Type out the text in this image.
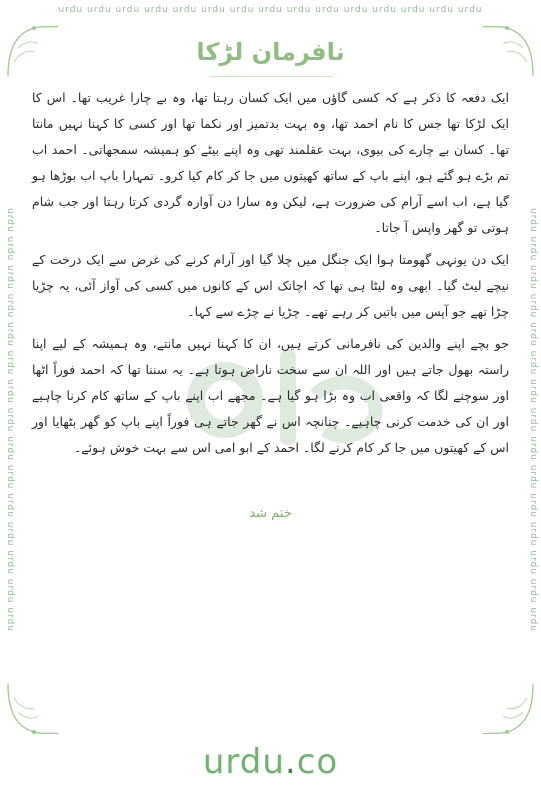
urdu urdu urdu urdu urdu urdu urdu urdu urdu urdu urdu urdu urdu urdu urdu
urdu urdu urdu urdu urdu urdu urdu urdu urdu urdu urdu urdu urdu urdu urdu	urdu urdu urdu urdu urdu urdu urdu urdu urdu urdu urdu urdu urdu urdu urdu
نافرمان لڑکا

ایک دفعہ کا ذکر ہے کہ کسی گاؤں میں ایک کسان رہتا تھا، وہ بے چارا غریب تھا۔ اس کا ایک لڑکا تھا جس کا نام احمد تھا، وہ بہت بدتمیز اور نکما تھا اور کسی کا کہنا نہیں مانتا تھا۔ کسان بے چارے کی بیوی، بہت عقلمند تھی وہ اپنے بیٹے کو ہمیشہ سمجھاتی۔ احمد اب تم بڑے ہو گئے ہو، اپنے باپ کے ساتھ کھیتوں میں جا کر کام کیا کرو۔ تمہارا باپ اب بوڑھا ہو گیا ہے، اب اسے آرام کی ضرورت ہے، لیکن وہ سارا دن آوارہ گردی کرتا رہتا اور جب شام ہوتی تو گھر واپس آ جاتا۔

ایک دن یونہی گھومتا ہوا ایک جنگل میں چلا گیا اور آرام کرنے کی غرض سے ایک درخت کے نیچے لیٹ گیا۔ ابھی وہ لیٹا ہی تھا کہ اچانک اس کے کانوں میں کسی کی آواز آئی، یہ چڑیا چڑا تھے جو آپس میں باتیں کر رہے تھے۔ چڑیا نے چڑے سے کہا۔

جو بچے اپنے والدین کی نافرمانی کرتے ہیں، ان کا کہنا نہیں مانتے، وہ ہمیشہ کے لیے اپنا راستہ بھول جاتے ہیں اور اللہ ان سے سخت ناراض ہوتا ہے۔ یہ سننا تھا کہ احمد فوراً اٹھا اور سوچنے لگا کہ واقعی اب وہ بڑا ہو گیا ہے۔ مجھے اب اپنے باپ کے ساتھ کام کرنا چاہیے اور ان کی خدمت کرنی چاہیے۔ چنانچہ اس نے گھر جاتے ہی فوراً اپنے باپ کو گھر بٹھایا اور اس کے کھیتوں میں جا کر کام کرنے لگا۔ احمد کے ابو امی اس سے بہت خوش ہوئے۔

ختم شد
urdu.co
